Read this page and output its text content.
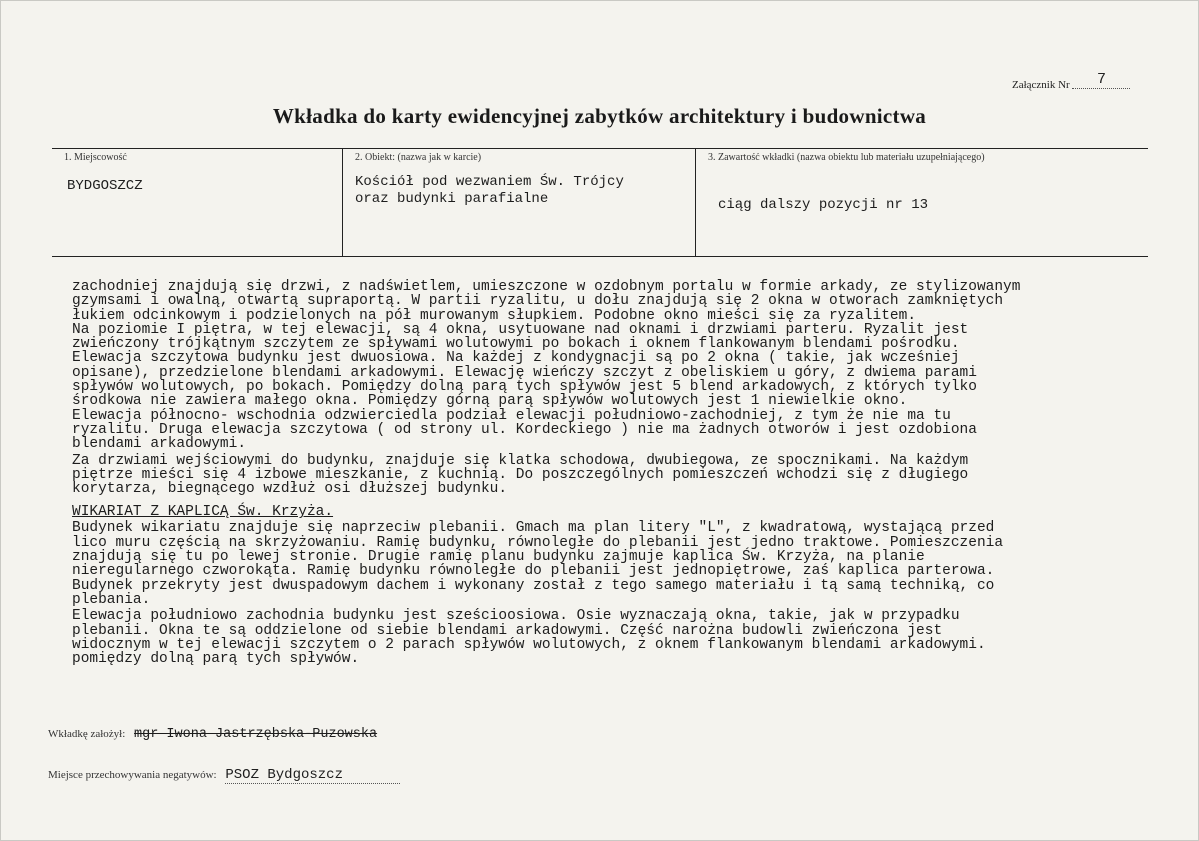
Załącznik Nr 7
Wkładka do karty ewidencyjnej zabytków architektury i budownictwa
1. Miejscowość
BYDGOSZCZ
2. Obiekt: (nazwa jak w karcie)
Kościół pod wezwaniem Św. Trójcy
oraz budynki parafialne
3. Zawartość wkładki (nazwa obiektu lub materiału uzupełniającego)
ciąg dalszy pozycji nr 13
zachodniej znajdują się drzwi, z nadświetlem, umieszczone w ozdobnym portalu w formie arkady, ze stylizowanym
gzymsami i owalną, otwartą supraportą. W partii ryzalitu, u dołu znajdują się 2 okna w otworach zamkniętych
łukiem odcinkowym i podzielonych na pół murowanym słupkiem. Podobne okno mieści się za ryzalitem.
Na poziomie I piętra, w tej elewacji, są 4 okna, usytuowane nad oknami i drzwiami parteru. Ryzalit jest
zwieńczony trójkątnym szczytem ze spływami wolutowymi po bokach i oknem flankowanym blendami pośrodku.
Elewacja szczytowa budynku jest dwuosiowa. Na każdej z kondygnacji są po 2 okna ( takie, jak wcześniej
opisane), przedzielone blendami arkadowymi. Elewację wieńczy szczyt z obeliskiem u góry, z dwiema parami
spływów wolutowych, po bokach. Pomiędzy dolną parą tych spływów jest 5 blend arkadowych, z których tylko
środkowa nie zawiera małego okna. Pomiędzy górną parą spływów wolutowych jest 1 niewielkie okno.
Elewacja północno- wschodnia odzwierciedla podział elewacji południowo-zachodniej, z tym że nie ma tu
ryzalitu. Druga elewacja szczytowa ( od strony ul. Kordeckiego ) nie ma żadnych otworów i jest ozdobiona
blendami arkadowymi.
Za drzwiami wejściowymi do budynku, znajduje się klatka schodowa, dwubiegowa, ze spocznikami. Na każdym
piętrze mieści się 4 izbowe mieszkanie, z kuchnią. Do poszczególnych pomieszczeń wchodzi się z długiego
korytarza, biegnącego wzdłuż osi dłuższej budynku.
WIKARIAT Z KAPLICĄ Św. Krzyża.
Budynek wikariatu znajduje się naprzeciw plebanii. Gmach ma plan litery "L", z kwadratową, wystającą przed
lico muru częścią na skrzyżowaniu. Ramię budynku, równoległe do plebanii jest jedno traktowe. Pomieszczenia
znajdują się tu po lewej stronie. Drugie ramię planu budynku zajmuje kaplica Św. Krzyża, na planie
nieregularnego czworokąta. Ramię budynku równoległe do plebanii jest jednopiętrowe, zaś kaplica parterowa.
Budynek przekryty jest dwuspadowym dachem i wykonany został z tego samego materiału i tą samą techniką, co
plebania.
Elewacja południowo zachodnia budynku jest sześcioosiowa. Osie wyznaczają okna, takie, jak w przypadku
plebanii. Okna te są oddzielone od siebie blendami arkadowymi. Część narożna budowli zwieńczona jest
widocznym w tej elewacji szczytem o 2 parach spływów wolutowych, z oknem flankowanym blendami arkadowymi.
pomiędzy dolną parą tych spływów.
Wkładkę założył: mgr Iwona Jastrzębska-Puzowska
Miejsce przechowywania negatywów: PSOZ Bydgoszcz
